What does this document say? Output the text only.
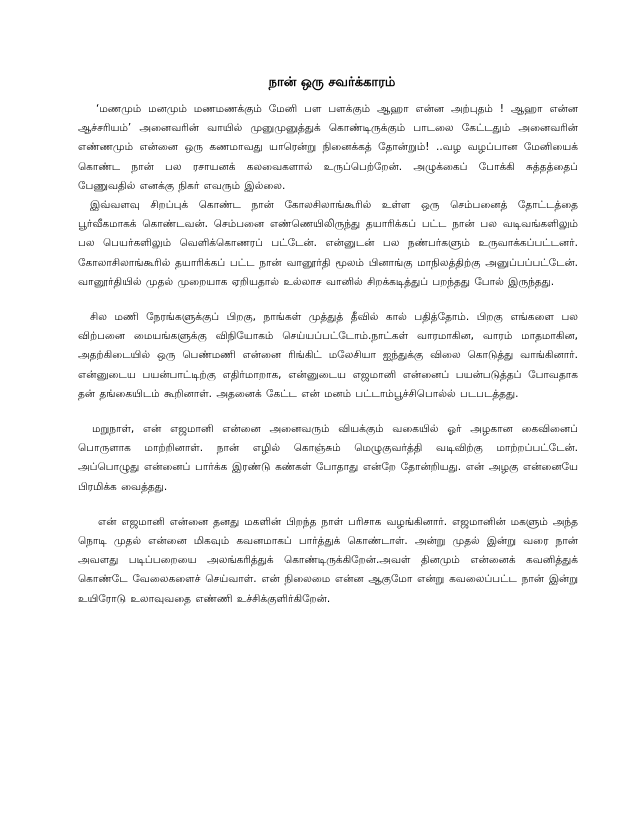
நான் ஒரு சவர்க்காரம்

‘மணமும் மனமும் மணமணக்கும் மேனி பள பளக்கும் ஆஹா என்ன அற்புதம் ! ஆஹா என்ன ஆச்சரியம்’ அனைவரின் வாயில் முனுமுனுத்துக் கொண்டிருக்கும் பாடலை கேட்டதும் அனைவரின் எண்ணமும் என்னை ஒரு கணமாவது யாரென்று நினைக்கத் தோன்றும்! ..வழ வழப்பான மேனியைக் கொண்ட நான் பல ரசாயனக் கலவைகளால் உருப்பெற்றேன். அழுக்கைப் போக்கி சுத்தத்தைப் பேணுவதில் எனக்கு நிகர் எவரும் இல்லை.

இவ்வளவு சிறப்புக் கொண்ட நான் கோலசிலாங்கூரில் உள்ள ஒரு செம்பனைத் தோட்டத்தை பூர்வீகமாகக் கொண்டவன். செம்பனை எண்ணெயிலிருந்து தயாரிக்கப் பட்ட நான் பல வடிவங்களிலும் பல பெயர்களிலும் வெளிக்கொணரப் பட்டேன். என்னுடன் பல நண்பர்களும் உருவாக்கப்பட்டனர். கோலாசிலாங்கூரில் தயாரிக்கப் பட்ட நான் வானூர்தி மூலம் பினாங்கு மாநிலத்திற்கு அனுப்பப்பட்டேன். வானூர்தியில் முதல் முறையாக ஏறியதால் உல்லாச வானில் சிறக்கடித்துப் பறந்தது போல் இருந்தது.

சில மணி நேரங்களுக்குப் பிறகு, நாங்கள் முத்துத் தீவில் கால் பதித்தோம். பிறகு எங்களை பல விற்பனை மையங்களுக்கு விநியோகம் செய்யப்பட்டோம்.நாட்கள் வாரமாகின, வாரம் மாதமாகின, அதற்கிடையில் ஒரு பெண்மணி என்னை ரிங்கிட் மலேசியா ஐந்துக்கு விலை கொடுத்து வாங்கினார். என்னுடைய பயன்பாட்டிற்கு எதிர்மாறாக, என்னுடைய எஜமானி என்னைப் பயன்படுத்தப் போவதாக தன் தங்கையிடம் கூறினாள். அதனைக் கேட்ட என் மனம் பட்டாம்பூச்சிபொல்ல் படபடத்தது.

மறுநாள், என் எஜமானி என்னை அனைவரும் வியக்கும் வகையில் ஓர் அழகான கைவினைப் பொருளாக மாற்றினாள். நான் எழில் கொஞ்சும் மெழுகுவர்த்தி வடிவிற்கு மாற்றப்பட்டேன். அப்பொழுது என்னைப் பார்க்க இரண்டு கண்கள் போதாது என்றே தோன்றியது. என் அழகு என்னையே பிரமிக்க வைத்தது.

என் எஜமானி என்னை தனது மகளின் பிறந்த நாள் பரிசாக வழங்கினார். எஜமானின் மகளும் அந்த நொடி முதல் என்னை மிகவும் கவனமாகப் பார்த்துக் கொண்டாள். அன்று முதல் இன்று வரை நான் அவளது படிப்பறையை அலங்கரித்துக் கொண்டிருக்கிறேன்.அவள் தினமும் என்னைக் கவனித்துக் கொண்டே வேலைகளைச் செய்வாள். என் நிலைமை என்ன ஆகுமோ என்று கவலைப்பட்ட நான் இன்று உயிரோடு உலாவுவதை எண்ணி உச்சிக்குளிர்கிறேன்.
